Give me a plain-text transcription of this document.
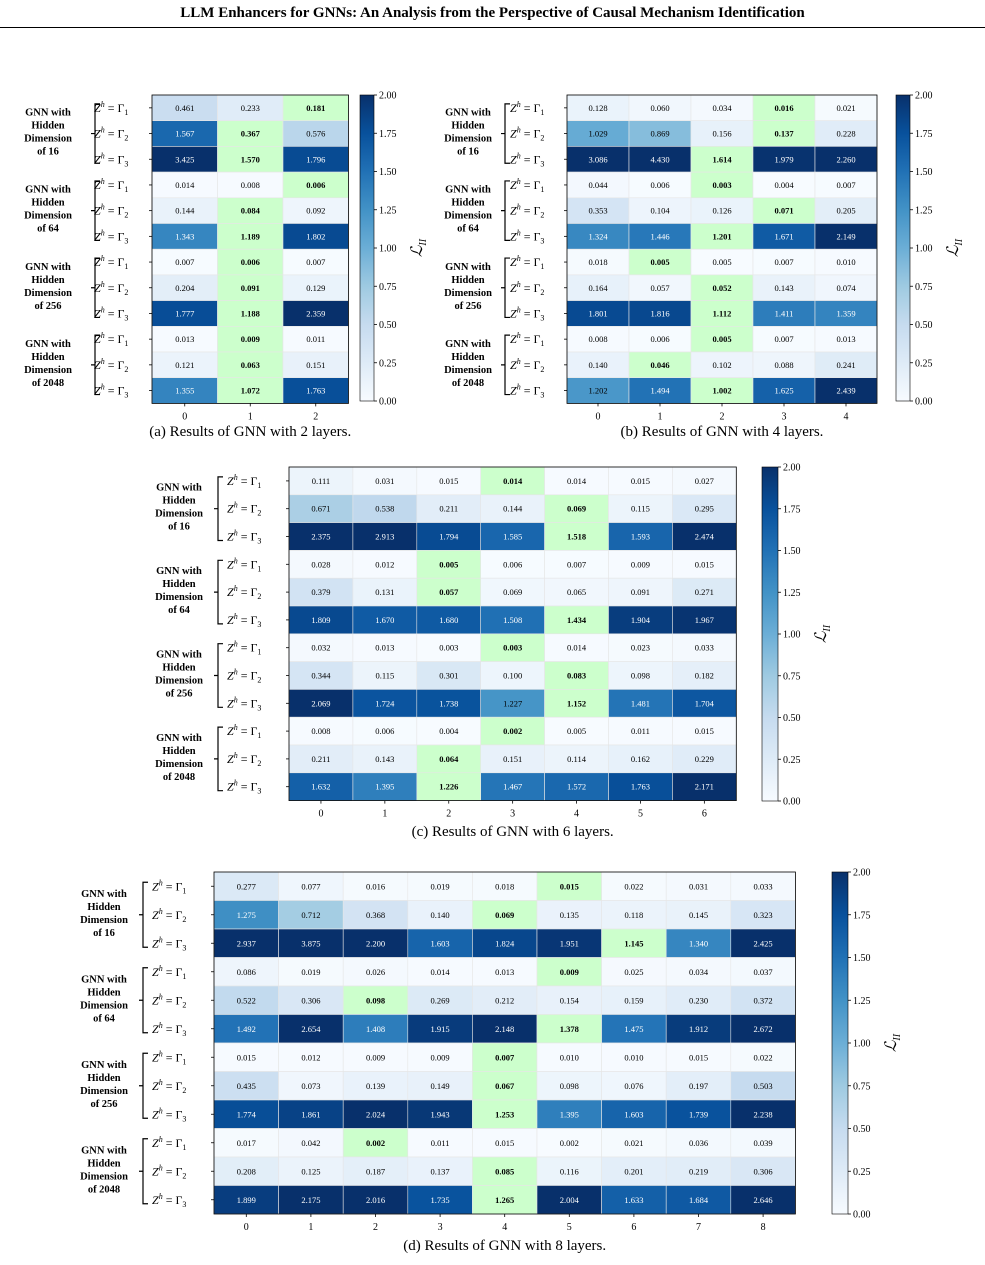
LLM Enhancers for GNNs: An Analysis from the Perspective of Causal Mechanism Identification
0.461	0.233	0.181
1.567	0.367	0.576
3.425	1.570	1.796
GNN with
Hidden
Dimension
of 16
$Z^h = \Gamma_1$
$Z^h = \Gamma_2$
$Z^h = \Gamma_3$
0.014	0.008	0.006
0.144	0.084	0.092
1.343	1.189	1.802
GNN with
Hidden
Dimension
of 64
$Z^h = \Gamma_1$
$Z^h = \Gamma_2$
$Z^h = \Gamma_3$
0.007	0.006	0.007
0.204	0.091	0.129
1.777	1.188	2.359
GNN with
Hidden
Dimension
of 256
$Z^h = \Gamma_1$
$Z^h = \Gamma_2$
$Z^h = \Gamma_3$
0.013	0.009	0.011
0.121	0.063	0.151
1.355	1.072	1.763
GNN with
Hidden
Dimension
of 2048
$Z^h = \Gamma_1$
$Z^h = \Gamma_2$
$Z^h = \Gamma_3$
0	1	2
0.00
0.25
0.50
0.75
1.00
1.25
1.50
1.75
2.00
ℒ$_{II}$
(a) Results of GNN with 2 layers.
0.128	0.060	0.034	0.016	0.021
1.029	0.869	0.156	0.137	0.228
3.086	4.430	1.614	1.979	2.260
GNN with
Hidden
Dimension
of 16
$Z^h = \Gamma_1$
$Z^h = \Gamma_2$
$Z^h = \Gamma_3$
0.044	0.006	0.003	0.004	0.007
0.353	0.104	0.126	0.071	0.205
1.324	1.446	1.201	1.671	2.149
GNN with
Hidden
Dimension
of 64
$Z^h = \Gamma_1$
$Z^h = \Gamma_2$
$Z^h = \Gamma_3$
0.018	0.005	0.005	0.007	0.010
0.164	0.057	0.052	0.143	0.074
1.801	1.816	1.112	1.411	1.359
GNN with
Hidden
Dimension
of 256
$Z^h = \Gamma_1$
$Z^h = \Gamma_2$
$Z^h = \Gamma_3$
0.008	0.006	0.005	0.007	0.013
0.140	0.046	0.102	0.088	0.241
1.202	1.494	1.002	1.625	2.439
GNN with
Hidden
Dimension
of 2048
$Z^h = \Gamma_1$
$Z^h = \Gamma_2$
$Z^h = \Gamma_3$
0	1	2	3	4
0.00
0.25
0.50
0.75
1.00
1.25
1.50
1.75
2.00
ℒ$_{II}$
(b) Results of GNN with 4 layers.
0.111	0.031	0.015	0.014	0.014	0.015	0.027
0.671	0.538	0.211	0.144	0.069	0.115	0.295
2.375	2.913	1.794	1.585	1.518	1.593	2.474
GNN with
Hidden
Dimension
of 16
$Z^h = \Gamma_1$
$Z^h = \Gamma_2$
$Z^h = \Gamma_3$
0.028	0.012	0.005	0.006	0.007	0.009	0.015
0.379	0.131	0.057	0.069	0.065	0.091	0.271
1.809	1.670	1.680	1.508	1.434	1.904	1.967
GNN with
Hidden
Dimension
of 64
$Z^h = \Gamma_1$
$Z^h = \Gamma_2$
$Z^h = \Gamma_3$
0.032	0.013	0.003	0.003	0.014	0.023	0.033
0.344	0.115	0.301	0.100	0.083	0.098	0.182
2.069	1.724	1.738	1.227	1.152	1.481	1.704
GNN with
Hidden
Dimension
of 256
$Z^h = \Gamma_1$
$Z^h = \Gamma_2$
$Z^h = \Gamma_3$
0.008	0.006	0.004	0.002	0.005	0.011	0.015
0.211	0.143	0.064	0.151	0.114	0.162	0.229
1.632	1.395	1.226	1.467	1.572	1.763	2.171
GNN with
Hidden
Dimension
of 2048
$Z^h = \Gamma_1$
$Z^h = \Gamma_2$
$Z^h = \Gamma_3$
0	1	2	3	4	5	6
0.00
0.25
0.50
0.75
1.00
1.25
1.50
1.75
2.00
ℒ$_{II}$
(c) Results of GNN with 6 layers.
0.277	0.077	0.016	0.019	0.018	0.015	0.022	0.031	0.033
1.275	0.712	0.368	0.140	0.069	0.135	0.118	0.145	0.323
2.937	3.875	2.200	1.603	1.824	1.951	1.145	1.340	2.425
GNN with
Hidden
Dimension
of 16
$Z^h = \Gamma_1$
$Z^h = \Gamma_2$
$Z^h = \Gamma_3$
0.086	0.019	0.026	0.014	0.013	0.009	0.025	0.034	0.037
0.522	0.306	0.098	0.269	0.212	0.154	0.159	0.230	0.372
1.492	2.654	1.408	1.915	2.148	1.378	1.475	1.912	2.672
GNN with
Hidden
Dimension
of 64
$Z^h = \Gamma_1$
$Z^h = \Gamma_2$
$Z^h = \Gamma_3$
0.015	0.012	0.009	0.009	0.007	0.010	0.010	0.015	0.022
0.435	0.073	0.139	0.149	0.067	0.098	0.076	0.197	0.503
1.774	1.861	2.024	1.943	1.253	1.395	1.603	1.739	2.238
GNN with
Hidden
Dimension
of 256
$Z^h = \Gamma_1$
$Z^h = \Gamma_2$
$Z^h = \Gamma_3$
0.017	0.042	0.002	0.011	0.015	0.002	0.021	0.036	0.039
0.208	0.125	0.187	0.137	0.085	0.116	0.201	0.219	0.306
1.899	2.175	2.016	1.735	1.265	2.004	1.633	1.684	2.646
GNN with
Hidden
Dimension
of 2048
$Z^h = \Gamma_1$
$Z^h = \Gamma_2$
$Z^h = \Gamma_3$
0	1	2	3	4	5	6	7	8
0.00
0.25
0.50
0.75
1.00
1.25
1.50
1.75
2.00
ℒ$_{II}$
(d) Results of GNN with 8 layers.
